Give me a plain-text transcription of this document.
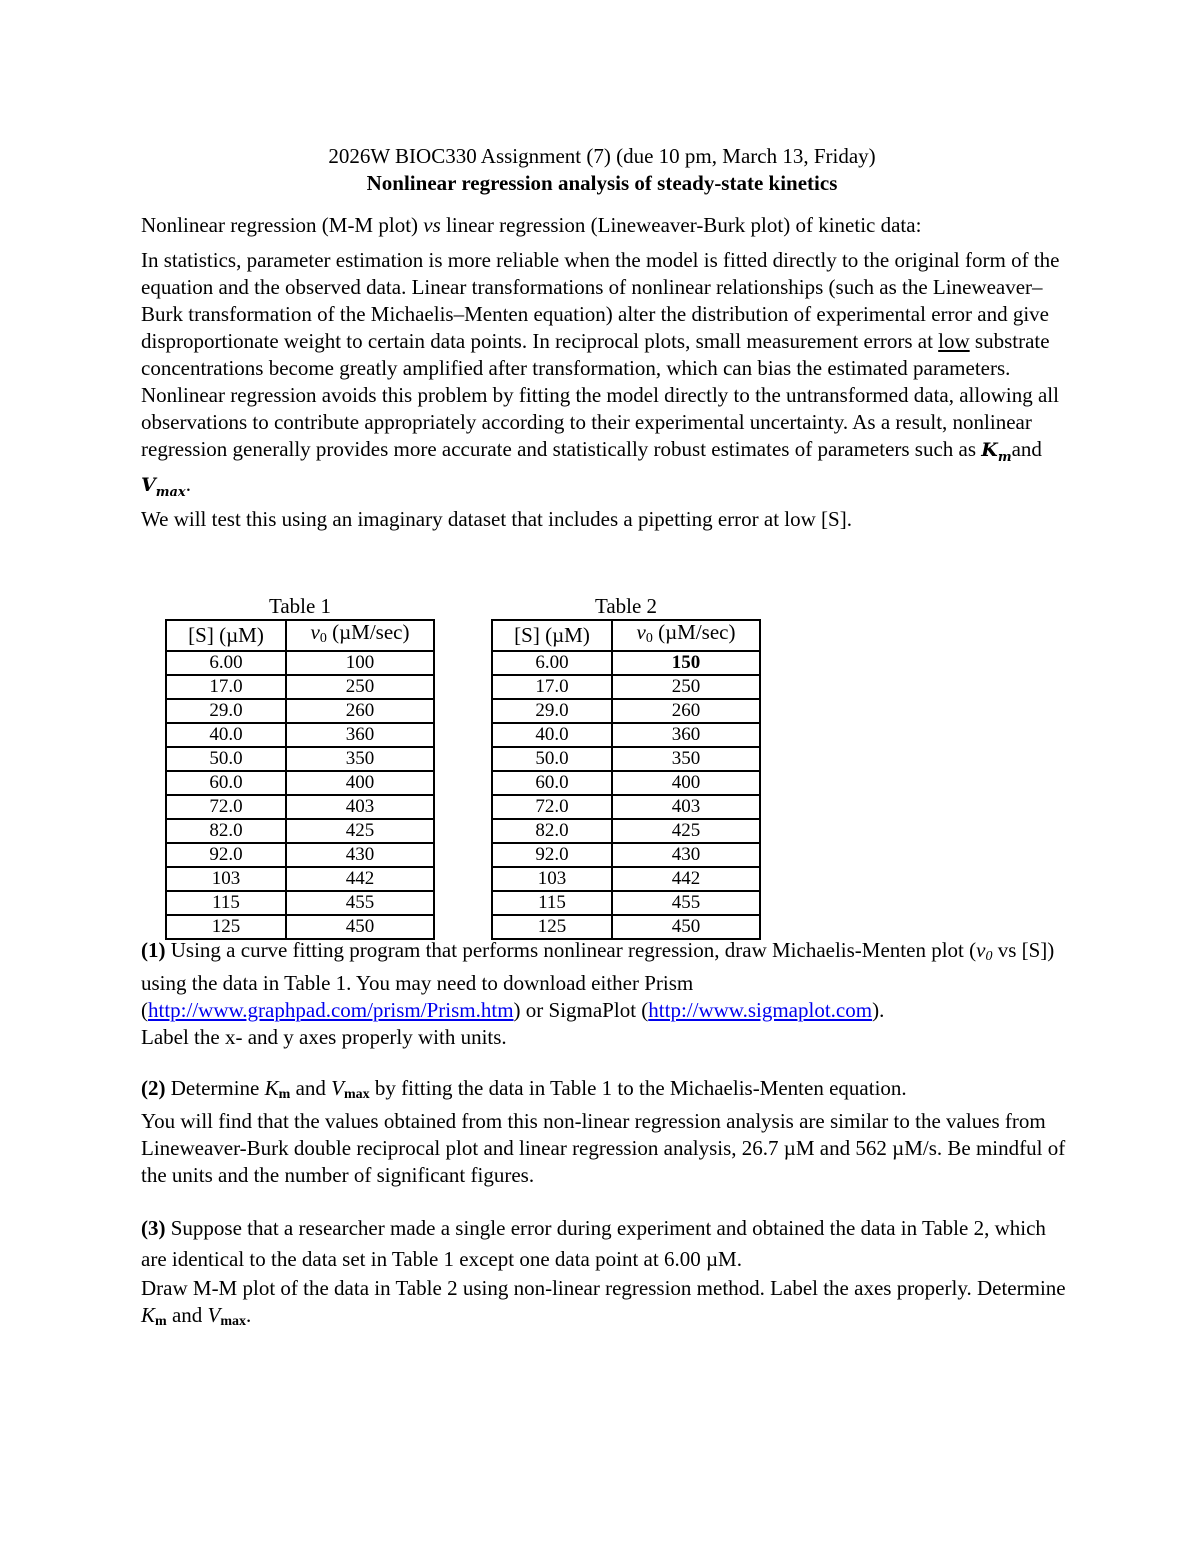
2026W BIOC330 Assignment (7) (due 10 pm, March 13, Friday)
Nonlinear regression analysis of steady-state kinetics
Nonlinear regression (M-M plot) vs linear regression (Lineweaver-Burk plot) of kinetic data:

In statistics, parameter estimation is more reliable when the model is fitted directly to the original form of the equation and the observed data. Linear transformations of nonlinear relationships (such as the Lineweaver–Burk transformation of the Michaelis–Menten equation) alter the distribution of experimental error and give disproportionate weight to certain data points. In reciprocal plots, small measurement errors at low substrate concentrations become greatly amplified after transformation, which can bias the estimated parameters.

Nonlinear regression avoids this problem by fitting the model directly to the untransformed data, allowing all observations to contribute appropriately according to their experimental uncertainty. As a result, nonlinear regression generally provides more accurate and statistically robust estimates of parameters such as $K_mand$ $V_{max}$.

We will test this using an imaginary dataset that includes a pipetting error at low [S].

Table 1
[S] (µM)	v0 (µM/sec)
6.00	100
17.0	250
29.0	260
40.0	360
50.0	350
60.0	400
72.0	403
82.0	425
92.0	430
103	442
115	455
125	450
Table 2
[S] (µM)	v0 (µM/sec)
6.00	150
17.0	250
29.0	260
40.0	360
50.0	350
60.0	400
72.0	403
82.0	425
92.0	430
103	442
115	455
125	450

(1) Using a curve fitting program that performs nonlinear regression, draw Michaelis-Menten plot ($v_0$ vs [S]) using the data in Table 1. You may need to download either Prism (http://www.graphpad.com/prism/Prism.htm) or SigmaPlot (http://www.sigmaplot.com).

Label the x- and y axes properly with units.

(2) Determine $K_m$ and $V_{max}$ by fitting the data in Table 1 to the Michaelis-Menten equation.

You will find that the values obtained from this non-linear regression analysis are similar to the values from Lineweaver-Burk double reciprocal plot and linear regression analysis, 26.7 µM and 562 µM/s. Be mindful of the units and the number of significant figures.

(3) Suppose that a researcher made a single error during experiment and obtained the data in Table 2, which are identical to the data set in Table 1 except one data point at 6.00 µM.

Draw M-M plot of the data in Table 2 using non-linear regression method. Label the axes properly. Determine $K_m$ and $V_{max}$.
